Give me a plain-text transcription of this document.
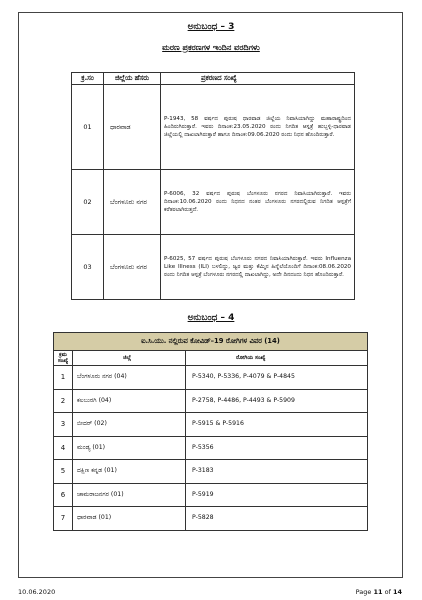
ಅನುಬಂಧ – 3
ಮರಣ ಪ್ರಕರಣಗಳ ಇಂದಿನ ವರದಿಗಳು
ಕ್ರ.ಸಂ	ಜಿಲ್ಲೆಯ ಹೆಸರು	ಪ್ರಕರಣದ ಸಂಖ್ಯೆ
01	ಧಾರವಾಡ	P-1943, 58 ವರ್ಷದ ಪುರುಷ ಧಾರವಾಡ ಜಿಲ್ಲೆಯ ನಿವಾಸಿಯಾಗಿದ್ದು ಮಹಾರಾಷ್ಟ್ರದಿಂದ ಹಿಂದಿರುಗಿರುತ್ತಾರೆ. ಇವರು ದಿನಾಂಕ:23.05.2020 ರಂದು ನಿಗದಿತ ಆಸ್ಪತ್ರೆ ಹುಬ್ಬಳ್ಳಿ-ಧಾರವಾಡ ಜಿಲ್ಲೆಯಲ್ಲಿ ದಾಖಲಾಗಿರುತ್ತಾರೆ ಹಾಗೂ ದಿನಾಂಕ:09.06.2020 ರಂದು ನಿಧನ ಹೊಂದಿರುತ್ತಾರೆ.
02	ಬೆಂಗಳೂರು ನಗರ	P-6006, 32 ವರ್ಷದ ಪುರುಷ ಬೆಂಗಳೂರು ನಗರದ ನಿವಾಸಿಯಾಗಿರುತ್ತಾರೆ. ಇವರು ದಿನಾಂಕ:10.06.2020 ರಂದು ನಿಧನದ ನಂತರ ಬೆಂಗಳೂರು ನಗರದಲ್ಲಿರುವ ನಿಗದಿತ ಆಸ್ಪತ್ರೆಗೆ ಕರೆತರಲಾಗಿರುತ್ತದೆ.
03	ಬೆಂಗಳೂರು ನಗರ	P-6025, 57 ವರ್ಷದ ಪುರುಷ ಬೆಂಗಳೂರು ನಗರದ ನಿವಾಸಿಯಾಗಿರುತ್ತಾರೆ. ಇವರು Influenza Like Illness (ILI) ಬಳಲಿದ್ದು, ಜ್ವರ ಮತ್ತು ಕೆಮ್ಮಿನ ಹಿನ್ನೆಲೆಯೊಂದಿಗೆ ದಿನಾಂಕ:08.06.2020 ರಂದು ನಿಗದಿತ ಆಸ್ಪತ್ರೆ ಬೆಂಗಳೂರು ನಗರದಲ್ಲಿ ದಾಖಲಾಗಿದ್ದು, ಅದೇ ದಿನದಂದು ನಿಧನ ಹೊಂದಿರುತ್ತಾರೆ.
ಅನುಬಂಧ – 4
ಐ.ಸಿ.ಯು. ನಲ್ಲಿರುವ ಕೋವಿಡ್–19 ರೋಗಿಗಳ ವಿವರ (14)		
ಕ್ರಮ ಸಂಖ್ಯೆ	ಜಿಲ್ಲೆ	ರೋಗಿಯ ಸಂಖ್ಯೆ
1	ಬೆಂಗಳೂರು ನಗರ (04)	P-5340, P-5336, P-4079 & P-4845
2	ಕಲಬುರಗಿ (04)	P-2758, P-4486, P-4493 & P-5909
3	ಬೀದರ್ (02)	P-5915 & P-5916
4	ಮಂಡ್ಯ (01)	P-5356
5	ದಕ್ಷಿಣ ಕನ್ನಡ (01)	P-3183
6	ಚಾಮರಾಜನಗರ (01)	P-5919
7	ಧಾರವಾಡ (01)	P-5828
10.06.2020	Page 11 of 14
